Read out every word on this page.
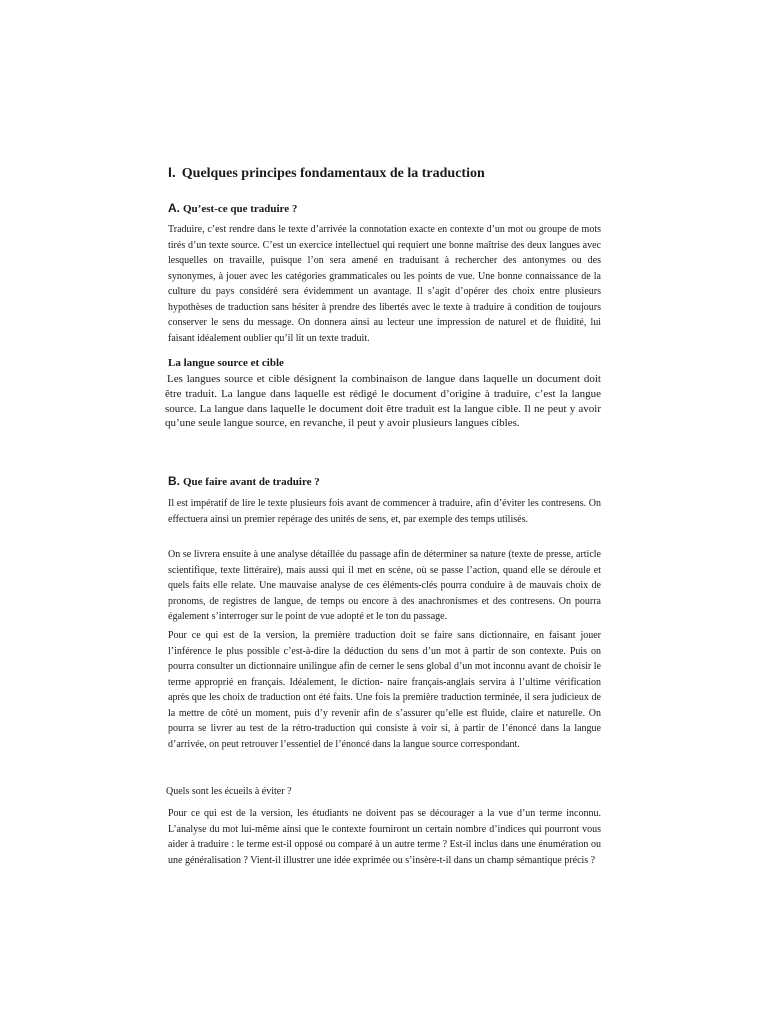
I. Quelques principes fondamentaux de la traduction
A. Qu’est-ce que traduire ?

Traduire, c’est rendre dans le texte d’arrivée la connotation exacte en contexte d’un mot ou groupe de mots tirés d’un texte source. C’est un exercice intellectuel qui requiert une bonne maîtrise des deux langues avec lesquelles on travaille, puisque l’on sera amené en traduisant à rechercher des antonymes ou des synonymes, à jouer avec les catégories grammaticales ou les points de vue. Une bonne connaissance de la culture du pays considéré sera évidemment un avantage. Il s’agit d’opérer des choix entre plusieurs hypothèses de traduction sans hésiter à prendre des libertés avec le texte à traduire à condition de toujours conserver le sens du message. On donnera ainsi au lecteur une impression de naturel et de fluidité, lui faisant idéalement oublier qu’il lit un texte traduit.

La langue source et cible

Les langues source et cible désignent la combinaison de langue dans laquelle un document doit être traduit. La langue dans laquelle est rédigé le document d’origine à traduire, c’est la langue source. La langue dans laquelle le document doit être traduit est la langue cible. Il ne peut y avoir qu’une seule langue source, en revanche, il peut y avoir plusieurs langues cibles.

B. Que faire avant de traduire ?

Il est impératif de lire le texte plusieurs fois avant de commencer à traduire, afin d’éviter les contresens. On effectuera ainsi un premier repérage des unités de sens, et, par exemple des temps utilisés.

On se livrera ensuite à une analyse détaillée du passage afin de déterminer sa nature (texte de presse, article scientifique, texte littéraire), mais aussi qui il met en scène, où se passe l’action, quand elle se déroule et quels faits elle relate. Une mauvaise analyse de ces éléments-clés pourra conduire à de mauvais choix de pronoms, de registres de langue, de temps ou encore à des anachronismes et des contresens. On pourra également s’interroger sur le point de vue adopté et le ton du passage.

Pour ce qui est de la version, la première traduction doit se faire sans dictionnaire, en faisant jouer l’inférence le plus possible c’est-à-dire la déduction du sens d’un mot à partir de son contexte. Puis on pourra consulter un dictionnaire unilingue afin de cerner le sens global d’un mot inconnu avant de choisir le terme approprié en français. Idéalement, le diction- naire français-anglais servira à l’ultime vérification après que les choix de traduction ont été faits. Une fois la première traduction terminée, il sera judicieux de la mettre de côté un moment, puis d’y revenir afin de s’assurer qu’elle est fluide, claire et naturelle. On pourra se livrer au test de la rétro-traduction qui consiste à voir si, à partir de l’énoncé dans la langue d’arrivée, on peut retrouver l’essentiel de l’énoncé dans la langue source correspondant.

Quels sont les écueils à éviter ?

Pour ce qui est de la version, les étudiants ne doivent pas se décourager a la vue d’un terme inconnu. L’analyse du mot lui-même ainsi que le contexte fourniront un certain nombre d’indices qui pourront vous aider à traduire : le terme est-il opposé ou comparé à un autre terme ? Est-il inclus dans une énumération ou une généralisation ? Vient-il illustrer une idée exprimée ou s’insère-t-il dans un champ sémantique précis ?
